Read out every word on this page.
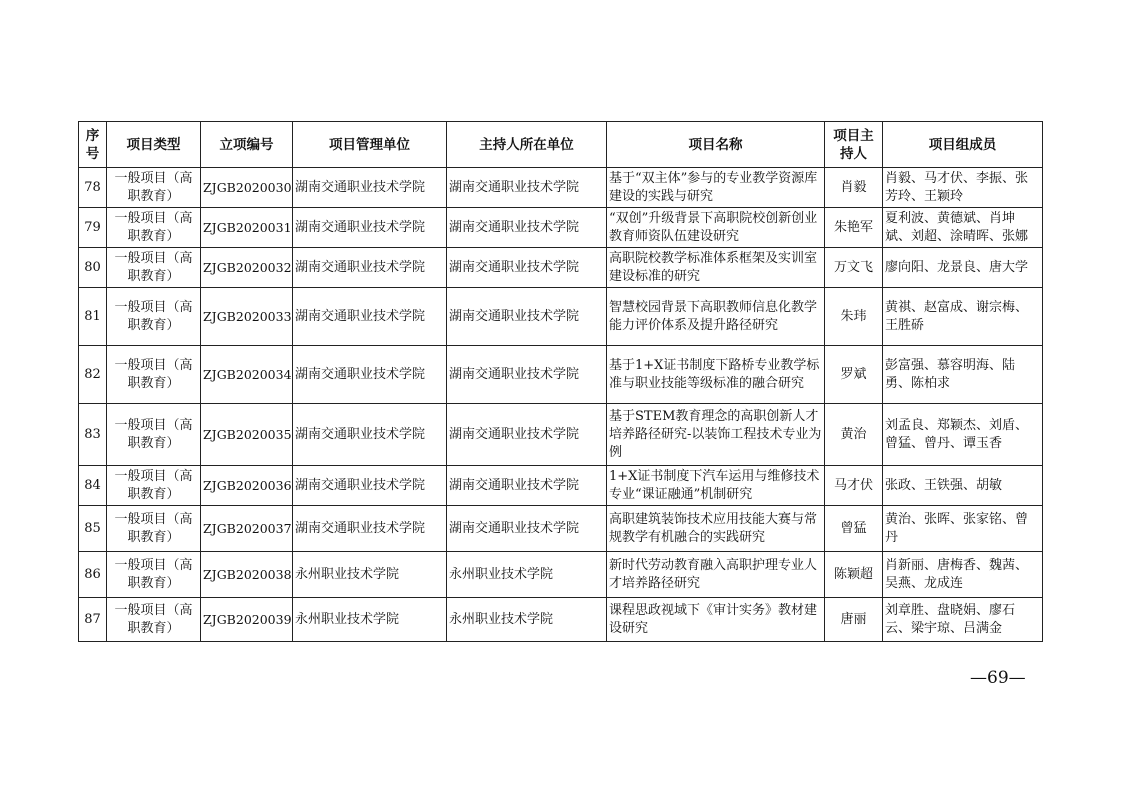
序号	项目类型	立项编号	项目管理单位	主持人所在单位	项目名称	项目主持人	项目组成员
78	一般项目（高职教育）	ZJGB2020030	湖南交通职业技术学院	湖南交通职业技术学院	基于“双主体”参与的专业教学资源库建设的实践与研究	肖毅	肖毅、马才伏、李振、张芳玲、王颖玲
79	一般项目（高职教育）	ZJGB2020031	湖南交通职业技术学院	湖南交通职业技术学院	“双创”升级背景下高职院校创新创业教育师资队伍建设研究	朱艳军	夏利波、黄德斌、肖坤斌、刘超、涂晴晖、张娜
80	一般项目（高职教育）	ZJGB2020032	湖南交通职业技术学院	湖南交通职业技术学院	高职院校教学标准体系框架及实训室建设标准的研究	万文飞	廖向阳、龙景良、唐大学
81	一般项目（高职教育）	ZJGB2020033	湖南交通职业技术学院	湖南交通职业技术学院	智慧校园背景下高职教师信息化教学能力评价体系及提升路径研究	朱玮	黄祺、赵富成、谢宗梅、王胜硚
82	一般项目（高职教育）	ZJGB2020034	湖南交通职业技术学院	湖南交通职业技术学院	基于1+X证书制度下路桥专业教学标准与职业技能等级标准的融合研究	罗斌	彭富强、慕容明海、陆勇、陈柏求
83	一般项目（高职教育）	ZJGB2020035	湖南交通职业技术学院	湖南交通职业技术学院	基于STEM教育理念的高职创新人才培养路径研究-以装饰工程技术专业为例	黄治	刘孟良、郑颖杰、刘盾、曾猛、曾丹、谭玉香
84	一般项目（高职教育）	ZJGB2020036	湖南交通职业技术学院	湖南交通职业技术学院	1+X证书制度下汽车运用与维修技术专业“课证融通”机制研究	马才伏	张政、王铁强、胡敏
85	一般项目（高职教育）	ZJGB2020037	湖南交通职业技术学院	湖南交通职业技术学院	高职建筑装饰技术应用技能大赛与常规教学有机融合的实践研究	曾猛	黄治、张晖、张家铭、曾丹
86	一般项目（高职教育）	ZJGB2020038	永州职业技术学院	永州职业技术学院	新时代劳动教育融入高职护理专业人才培养路径研究	陈颖超	肖新丽、唐梅香、魏茜、吴燕、龙成连
87	一般项目（高职教育）	ZJGB2020039	永州职业技术学院	永州职业技术学院	课程思政视域下《审计实务》教材建设研究	唐丽	刘章胜、盘晓娟、廖石云、梁宇琼、吕满金
—69—
